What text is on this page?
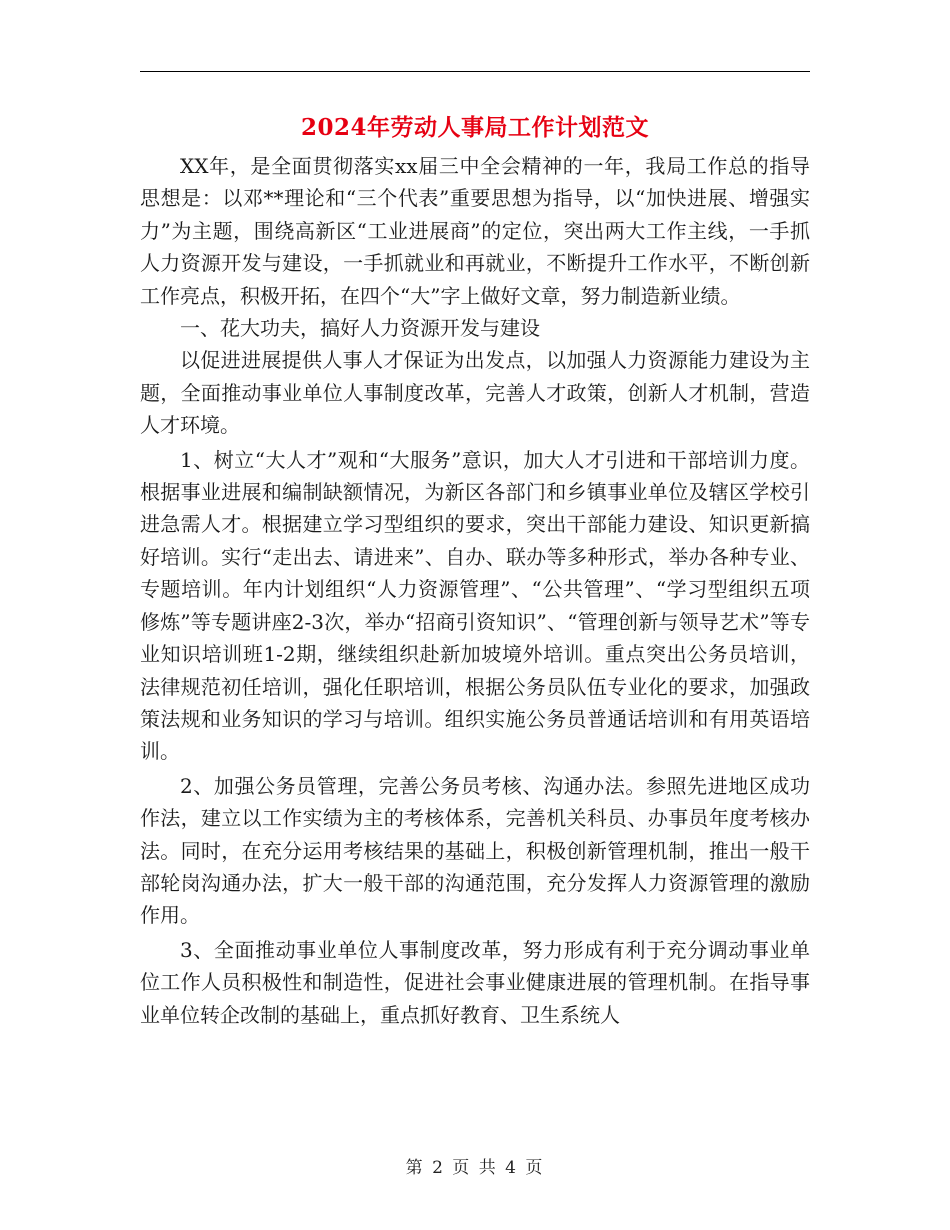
2024年劳动人事局工作计划范文

XX年，是全面贯彻落实xx届三中全会精神的一年，我局工作总的指导思想是：以邓**理论和“三个代表”重要思想为指导，以“加快进展、增强实力”为主题，围绕高新区“工业进展商”的定位，突出两大工作主线，一手抓人力资源开发与建设，一手抓就业和再就业，不断提升工作水平，不断创新工作亮点，积极开拓，在四个“大”字上做好文章，努力制造新业绩。

一、花大功夫，搞好人力资源开发与建设

以促进进展提供人事人才保证为出发点，以加强人力资源能力建设为主题，全面推动事业单位人事制度改革，完善人才政策，创新人才机制，营造人才环境。

1、树立“大人才”观和“大服务”意识，加大人才引进和干部培训力度。根据事业进展和编制缺额情况，为新区各部门和乡镇事业单位及辖区学校引进急需人才。根据建立学习型组织的要求，突出干部能力建设、知识更新搞好培训。实行“走出去、请进来”、自办、联办等多种形式，举办各种专业、专题培训。年内计划组织“人力资源管理”、“公共管理”、“学习型组织五项修炼”等专题讲座2-3次，举办“招商引资知识”、“管理创新与领导艺术”等专业知识培训班1-2期，继续组织赴新加坡境外培训。重点突出公务员培训，法律规范初任培训，强化任职培训，根据公务员队伍专业化的要求，加强政策法规和业务知识的学习与培训。组织实施公务员普通话培训和有用英语培训。

2、加强公务员管理，完善公务员考核、沟通办法。参照先进地区成功作法，建立以工作实绩为主的考核体系，完善机关科员、办事员年度考核办法。同时，在充分运用考核结果的基础上，积极创新管理机制，推出一般干部轮岗沟通办法，扩大一般干部的沟通范围，充分发挥人力资源管理的激励作用。

3、全面推动事业单位人事制度改革，努力形成有利于充分调动事业单位工作人员积极性和制造性，促进社会事业健康进展的管理机制。在指导事业单位转企改制的基础上，重点抓好教育、卫生系统人

第 2 页 共 4 页
